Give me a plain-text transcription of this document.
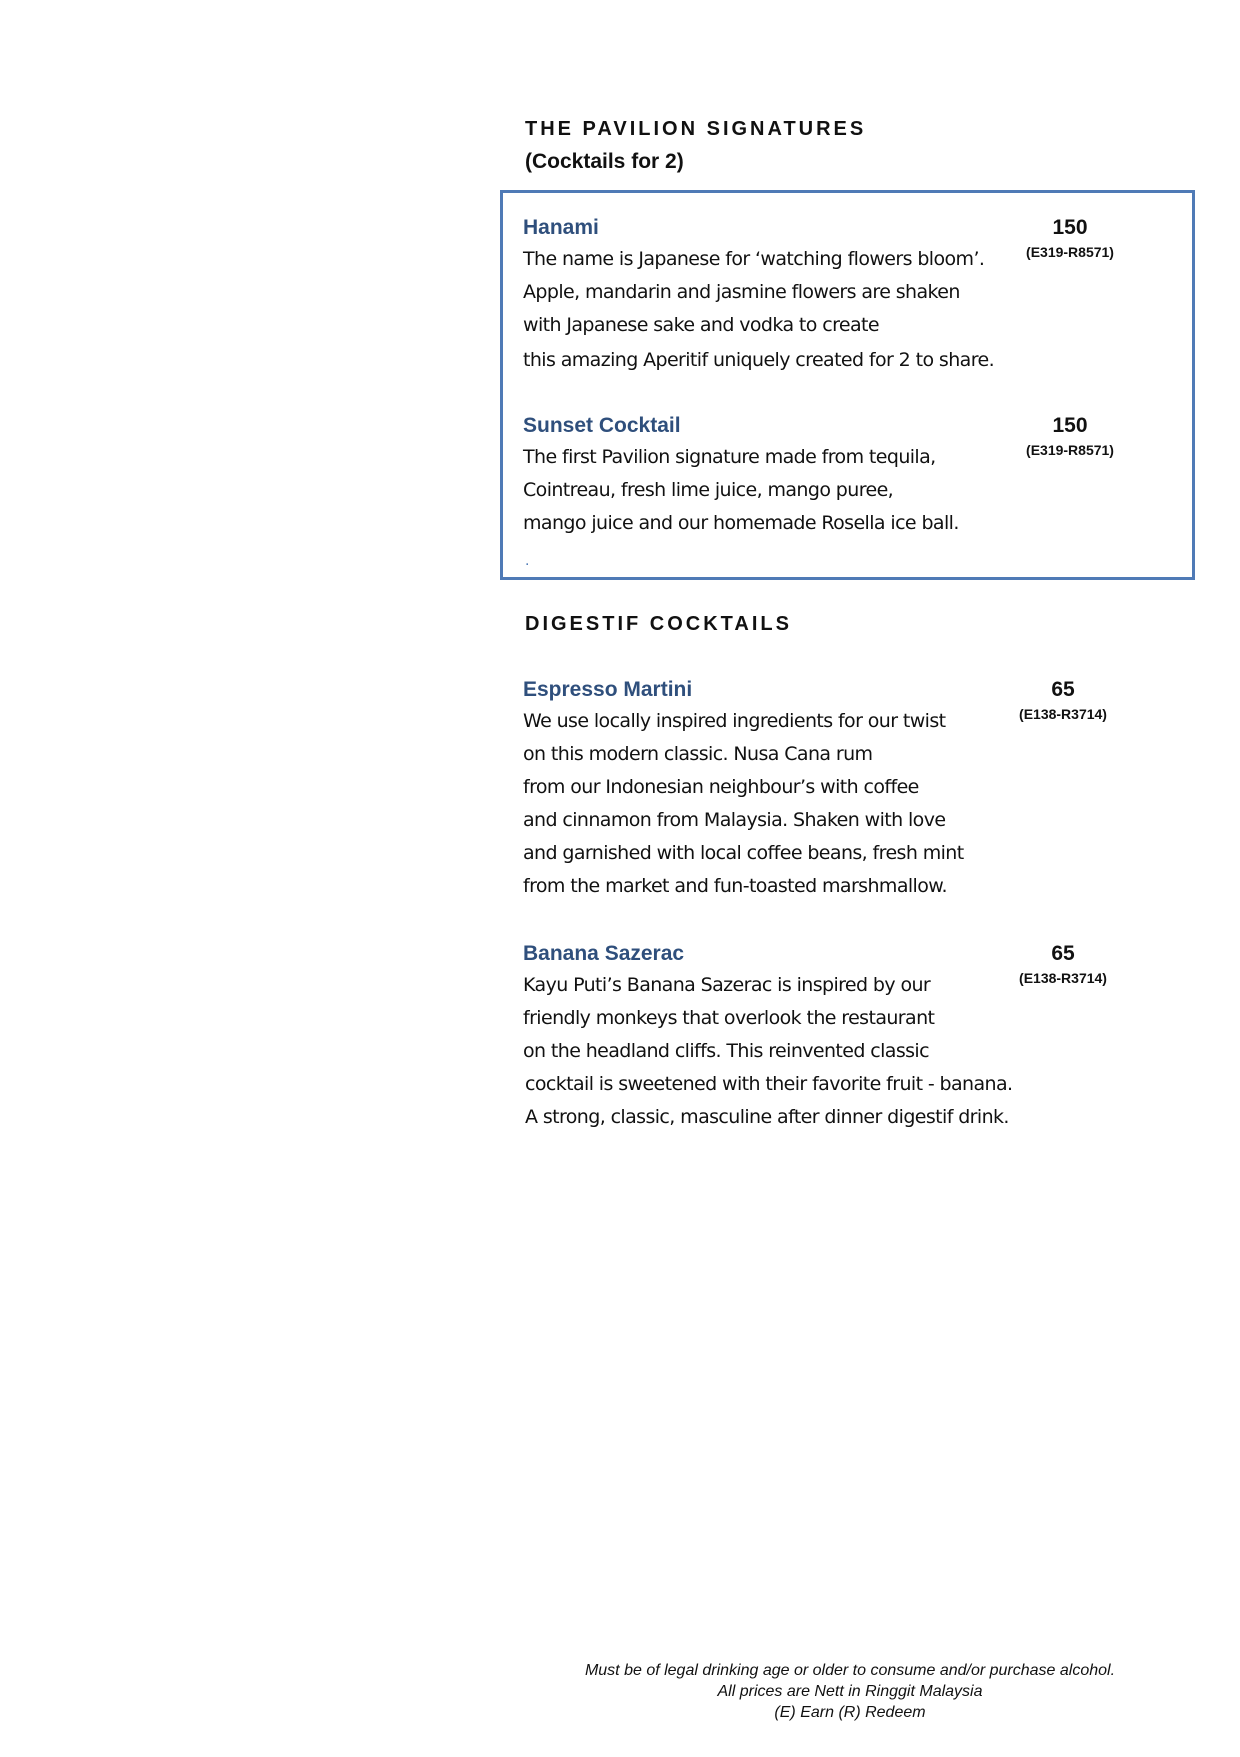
THE PAVILION SIGNATURES
(Cocktails for 2)
Hanami
The name is Japanese for ‘watching flowers bloom’.
Apple, mandarin and jasmine flowers are shaken
with Japanese sake and vodka to create
this amazing Aperitif uniquely created for 2 to share.
150
(E319-R8571)
Sunset Cocktail
The first Pavilion signature made from tequila,
Cointreau, fresh lime juice, mango puree,
mango juice and our homemade Rosella ice ball.
150
(E319-R8571)
.
DIGESTIF COCKTAILS
Espresso Martini
We use locally inspired ingredients for our twist
on this modern classic. Nusa Cana rum
from our Indonesian neighbour’s with coffee
and cinnamon from Malaysia. Shaken with love
and garnished with local coffee beans, fresh mint
from the market and fun-toasted marshmallow.
65
(E138-R3714)
Banana Sazerac
Kayu Puti’s Banana Sazerac is inspired by our
friendly monkeys that overlook the restaurant
on the headland cliffs. This reinvented classic
cocktail is sweetened with their favorite fruit - banana.
A strong, classic, masculine after dinner digestif drink.
65
(E138-R3714)
Must be of legal drinking age or older to consume and/or purchase alcohol.
All prices are Nett in Ringgit Malaysia
(E) Earn (R) Redeem
